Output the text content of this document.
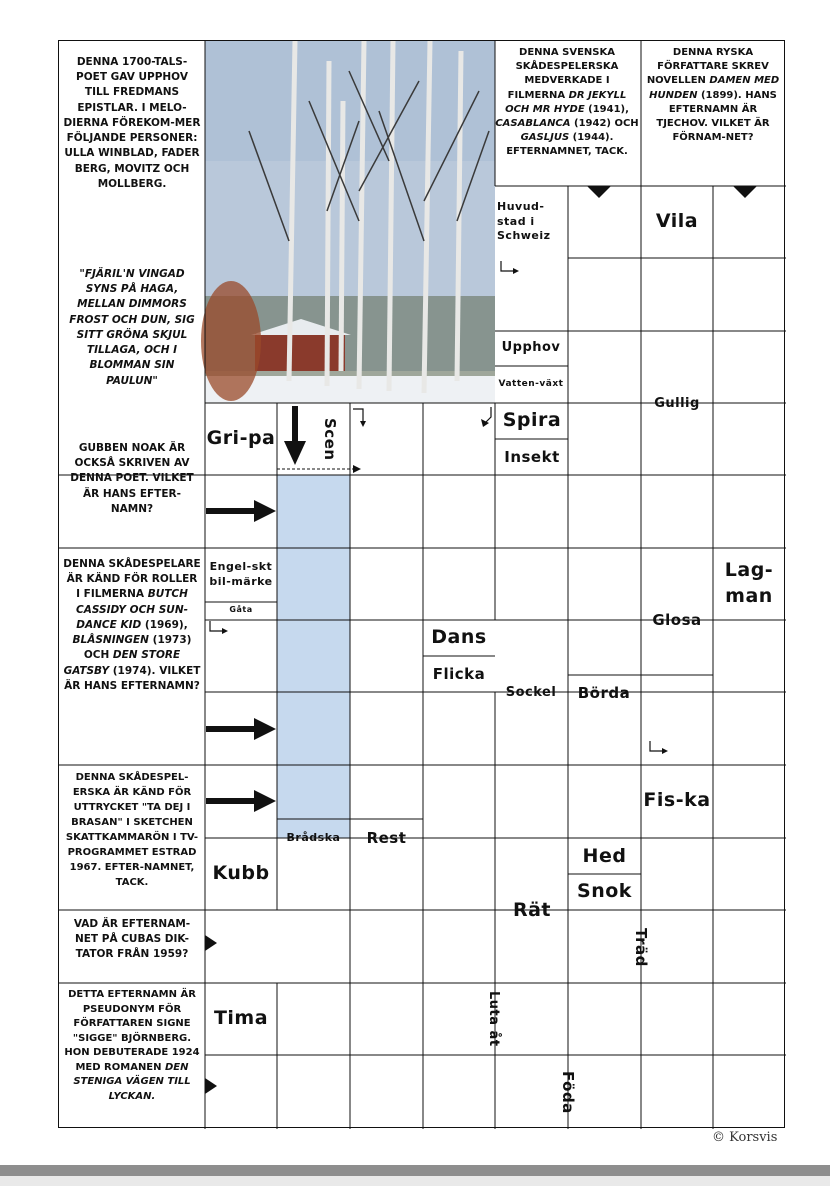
DENNA 1700-TALS-POET GAV UPPHOV TILL FREDMANS EPISTLAR. I MELO-DIERNA FÖREKOM-MER FÖLJANDE PERSONER: ULLA WINBLAD, FADER BERG, MOVITZ OCH MOLLBERG.
"FJÄRIL'N VINGAD SYNS PÅ HAGA, MELLAN DIMMORS FROST OCH DUN, SIG SITT GRÖNA SKJUL TILLAGA, OCH I BLOMMAN SIN PAULUN"
GUBBEN NOAK ÄR OCKSÅ SKRIVEN AV DENNA POET. VILKET ÄR HANS EFTER-NAMN?
DENNA SKÅDESPELARE ÄR KÄND FÖR ROLLER I FILMERNA BUTCH CASSIDY OCH SUN-DANCE KID (1969), BLÅSNINGEN (1973) OCH DEN STORE GATSBY (1974). VILKET ÄR HANS EFTERNAMN?
DENNA SVENSKA SKÅDESPELERSKA MEDVERKADE I FILMERNA DR JEKYLL OCH MR HYDE (1941), CASABLANCA (1942) OCH GASLJUS (1944). EFTERNAMNET, TACK.
DENNA RYSKA FÖRFATTARE SKREV NOVELLEN DAMEN MED HUNDEN (1899). HANS EFTERNAMN ÄR TJECHOV. VILKET ÄR FÖRNAM-NET?
DENNA SKÅDESPEL-ERSKA ÄR KÄND FÖR UTTRYCKET "TA DEJ I BRASAN" I SKETCHEN SKATTKAMMARÖN I TV-PROGRAMMET ESTRAD 1967. EFTER-NAMNET, TACK.
VAD ÄR EFTERNAM-NET PÅ CUBAS DIK-TATOR FRÅN 1959?
DETTA EFTERNAMN ÄR PSEUDONYM FÖR FÖRFATTAREN SIGNE "SIGGE" BJÖRNBERG. HON DEBUTERADE 1924 MED ROMANEN DEN STENIGA VÄGEN TILL LYCKAN.
Huvud-stad i Schweiz
Vila
Upphov
Vatten-växt
Gullig
Gri-pa	Scen	Spira
Insekt
Engel-skt bil-märke
Gåta
Lag-man
Glosa
Dans
Flicka
Sockel	Börda
Fis-ka
Brådska	Rest
Hed
Kubb
Snok
Rät
Träd
Tima	Luta åt
Föda
© Korsvis
